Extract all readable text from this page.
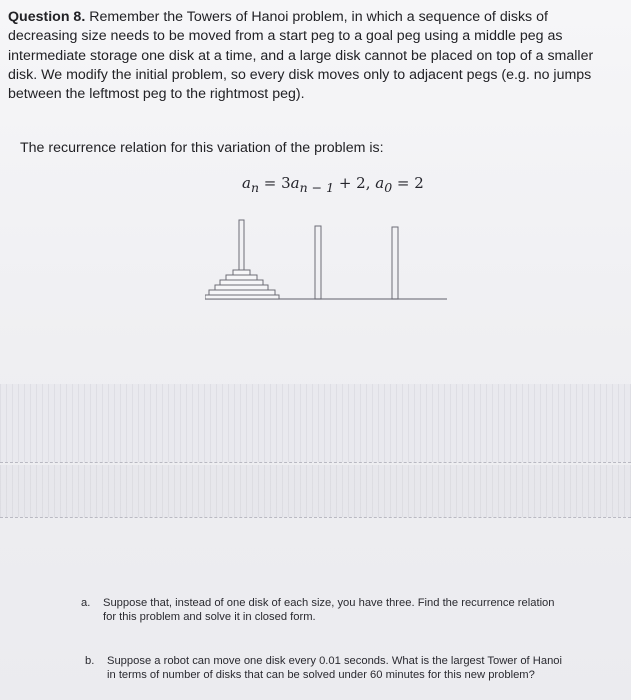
Question 8. Remember the Towers of Hanoi problem, in which a sequence of disks of decreasing size needs to be moved from a start peg to a goal peg using a middle peg as intermediate storage one disk at a time, and a large disk cannot be placed on top of a smaller disk. We modify the initial problem, so every disk moves only to adjacent pegs (e.g. no jumps between the leftmost peg to the rightmost peg).

The recurrence relation for this variation of the problem is:
$a_n = 3a_{n - 1} + 2$, $a_0 = 2$

a. Suppose that, instead of one disk of each size, you have three. Find the recurrence relation for this problem and solve it in closed form.

b. Suppose a robot can move one disk every 0.01 seconds. What is the largest Tower of Hanoi in terms of number of disks that can be solved under 60 minutes for this new problem?
